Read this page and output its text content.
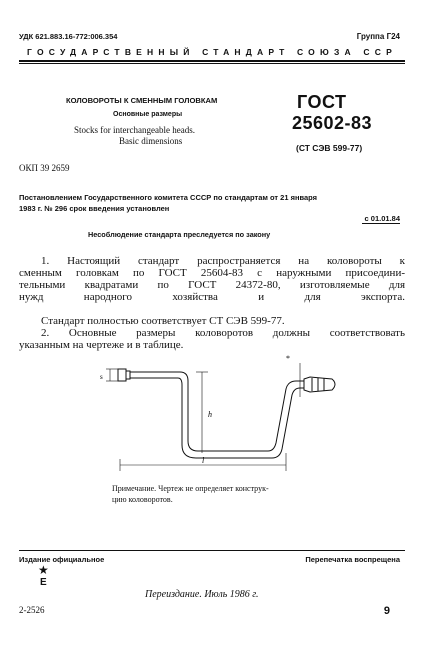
УДК 621.883.16-772:006.354	Группа Г24
ГОСУДАРСТВЕННЫЙ СТАНДАРТ СОЮЗА ССР
КОЛОВОРОТЫ К СМЕННЫМ ГОЛОВКАМ
Основные размеры
Stocks for interchangeable heads.
Basic dimensions
ГОСТ
25602-83
(СТ СЭВ 599-77)
ОКП 39 2659
Постановлением Государственного комитета СССР по стандартам от 21 января
1983 г. № 296 срок введения установлен
с 01.01.84
Несоблюдение стандарта преследуется по закону
1. Настоящий стандарт распространяется на коловороты к
сменным головкам по ГОСТ 25604-83 с наружными присоедини-
тельными квадратами по ГОСТ 24372-80, изготовляемые для
нужд народного хозяйства и для экспорта.
Стандарт полностью соответствует СТ СЭВ 599-77.
2. Основные размеры коловоротов должны соответствовать
указанным на чертеже и в таблице.
s
h
l
*
Примечание. Чертеж не определяет конструк-
цию коловоротов.
Издание официальное	Перепечатка воспрещена
★
Е
Переиздание. Июль 1986 г.
2-2526	9
